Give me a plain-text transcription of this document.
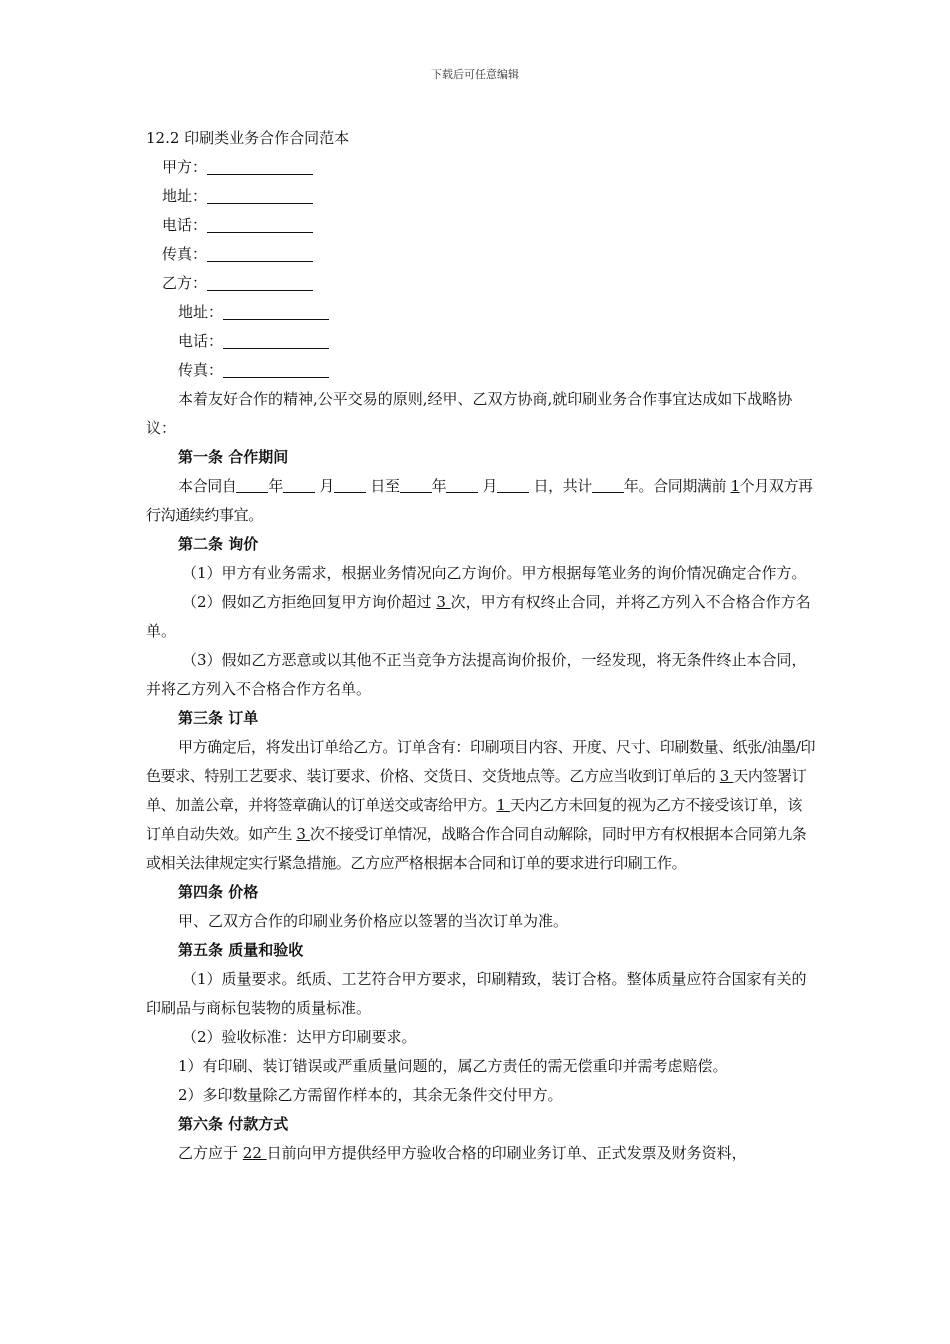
下载后可任意编辑

12.2 印刷类业务合作合同范本

甲方：

地址：

电话：

传真：

乙方：

地址：

电话：

传真：

本着友好合作的精神,公平交易的原则,经甲、乙双方协商,就印刷业务合作事宜达成如下战略协议：

第一条 合作期间

本合同自 年 月 日至 年 月 日，共计 年。合同期满前 1个月双方再行沟通续约事宜。

第二条 询价

（1）甲方有业务需求，根据业务情况向乙方询价。甲方根据每笔业务的询价情况确定合作方。

（2）假如乙方拒绝回复甲方询价超过 3 次，甲方有权终止合同，并将乙方列入不合格合作方名单。

（3）假如乙方恶意或以其他不正当竞争方法提高询价报价，一经发现，将无条件终止本合同，并将乙方列入不合格合作方名单。

第三条 订单

甲方确定后，将发出订单给乙方。订单含有：印刷项目内容、开度、尺寸、印刷数量、纸张/油墨/印色要求、特别工艺要求、装订要求、价格、交货日、交货地点等。乙方应当收到订单后的 3 天内签署订单、加盖公章，并将签章确认的订单送交或寄给甲方。1 天内乙方未回复的视为乙方不接受该订单，该订单自动失效。如产生 3 次不接受订单情况，战略合作合同自动解除，同时甲方有权根据本合同第九条或相关法律规定实行紧急措施。乙方应严格根据本合同和订单的要求进行印刷工作。

第四条 价格

甲、乙双方合作的印刷业务价格应以签署的当次订单为准。

第五条 质量和验收

（1）质量要求。纸质、工艺符合甲方要求，印刷精致，装订合格。整体质量应符合国家有关的印刷品与商标包装物的质量标准。

（2）验收标准：达甲方印刷要求。

1）有印刷、装订错误或严重质量问题的，属乙方责任的需无偿重印并需考虑赔偿。

2）多印数量除乙方需留作样本的，其余无条件交付甲方。

第六条 付款方式

乙方应于 22 日前向甲方提供经甲方验收合格的印刷业务订单、正式发票及财务资料，
